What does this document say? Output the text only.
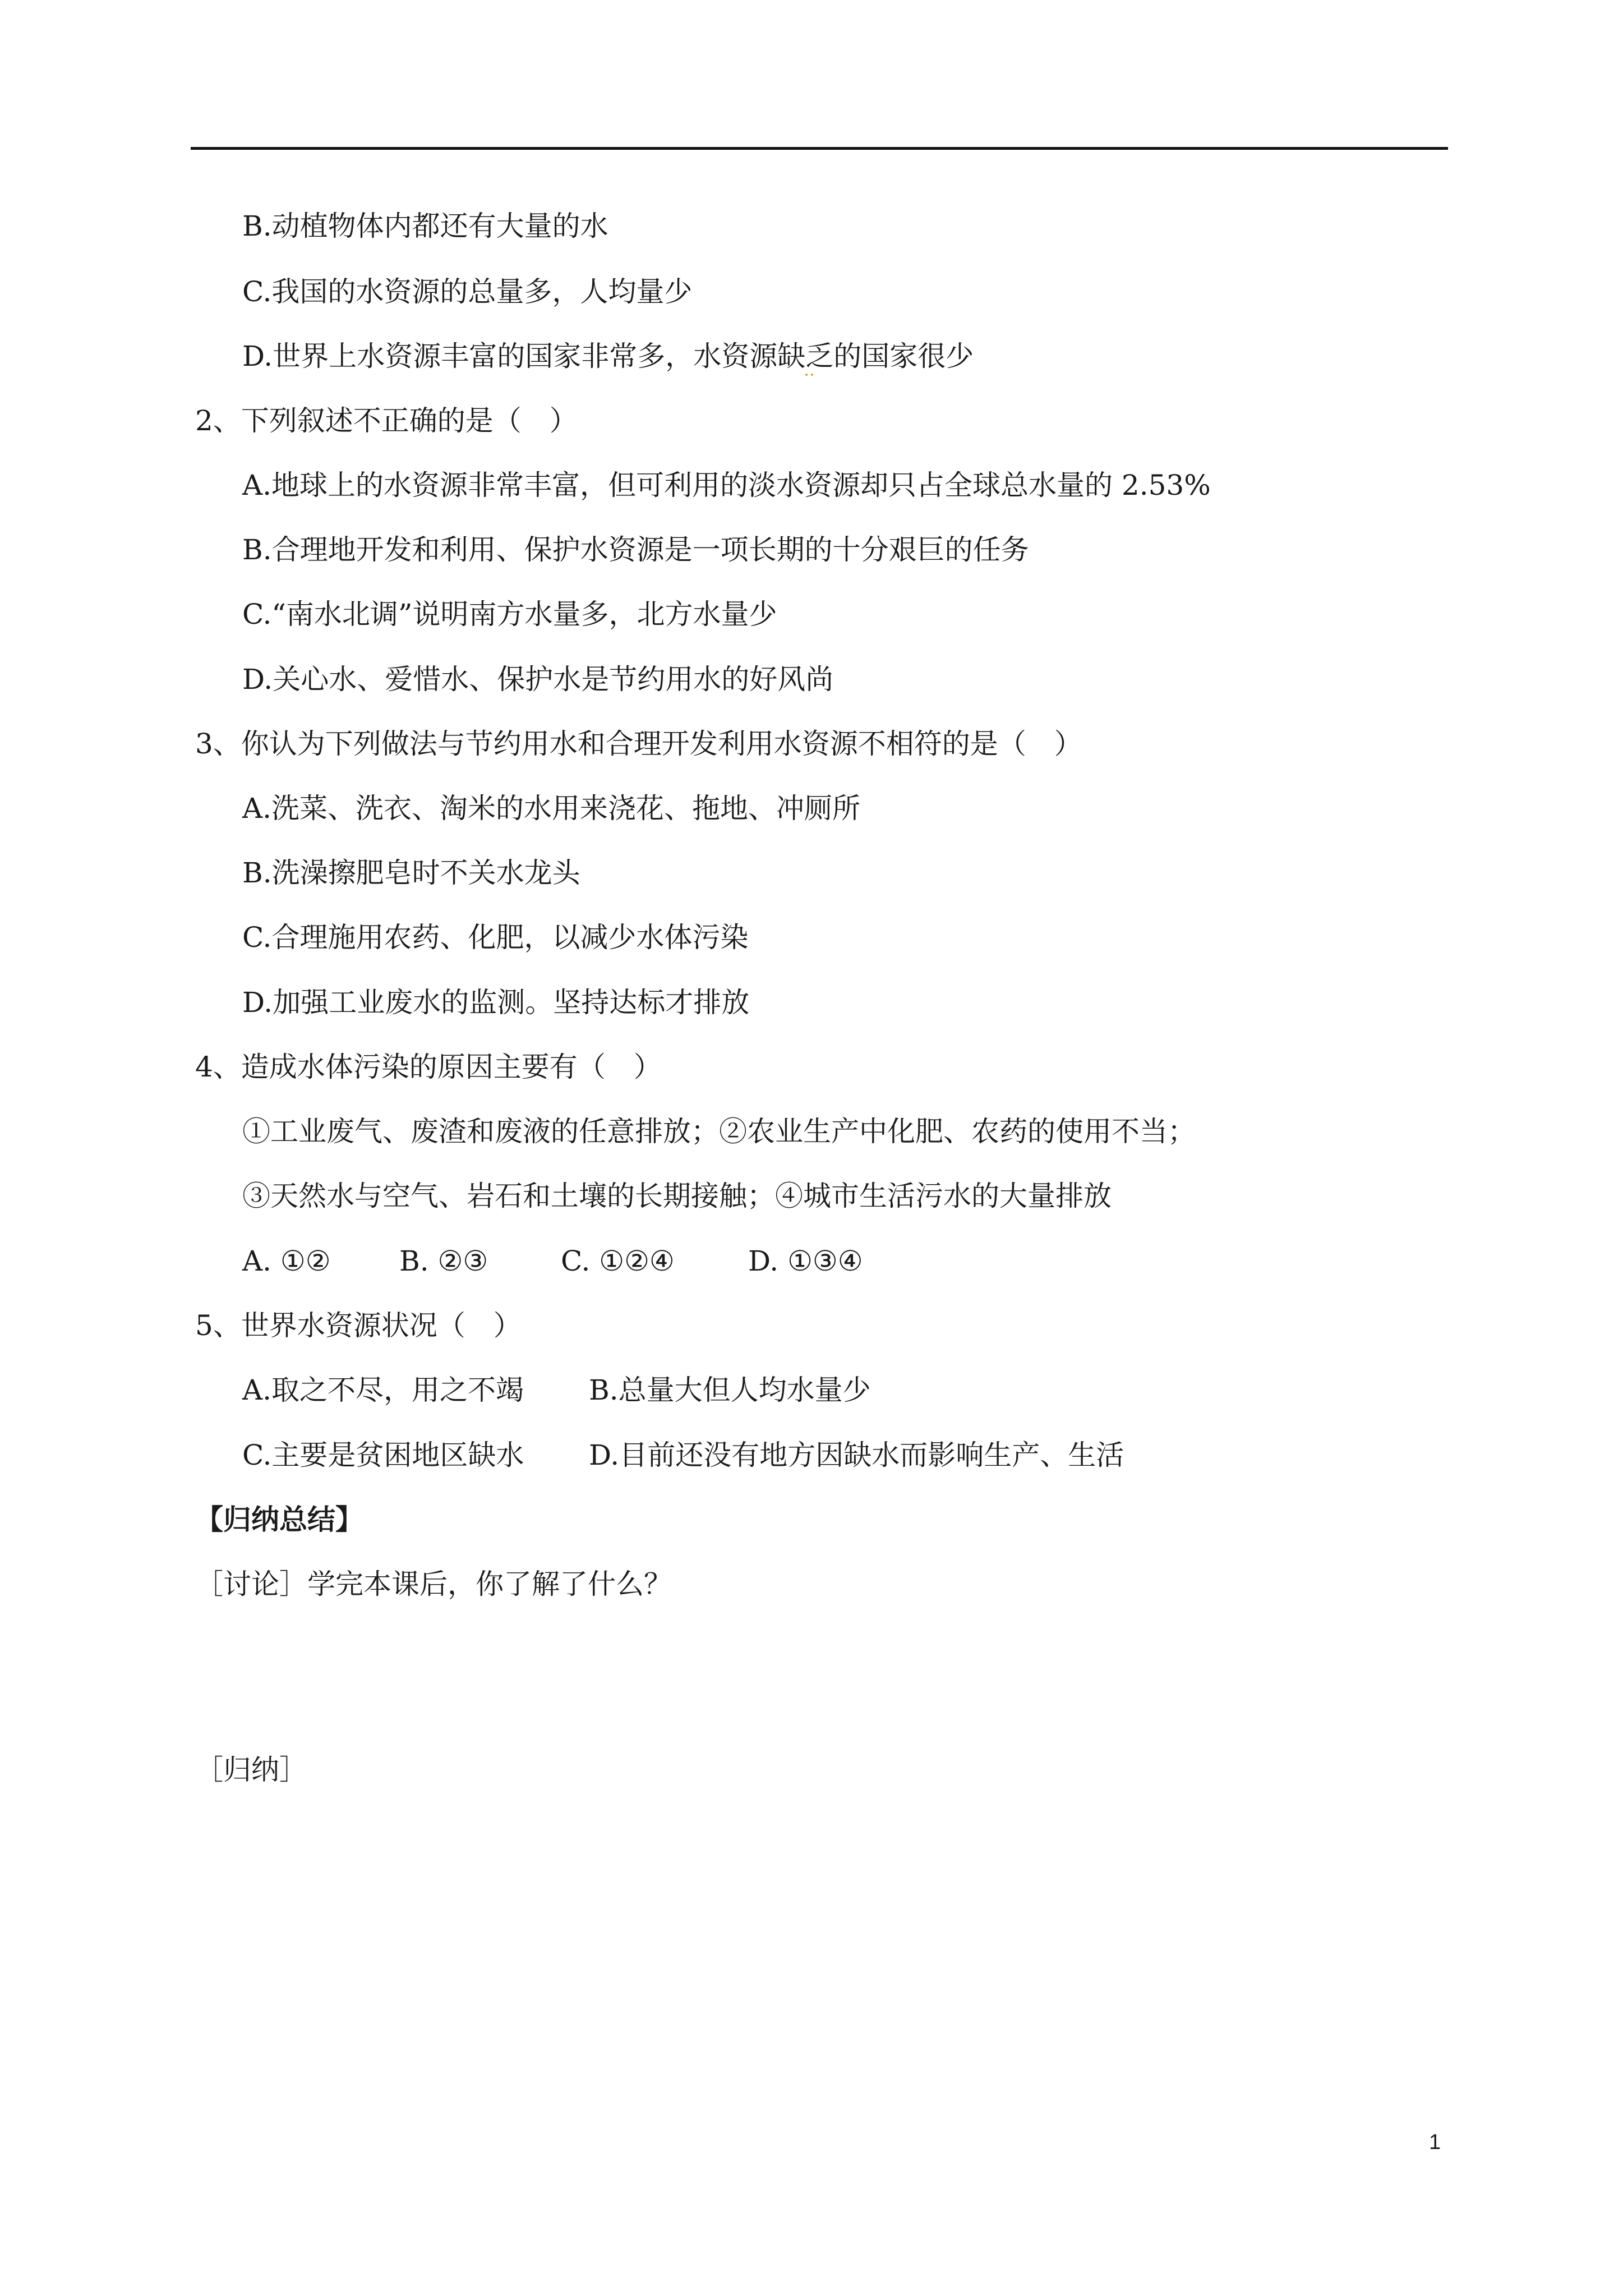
B.动植物体内都还有大量的水
C.我国的水资源的总量多，人均量少
D.世界上水资源丰富的国家非常多，水资源缺乏的国家很少
2、下列叙述不正确的是（　）
A.地球上的水资源非常丰富，但可利用的淡水资源却只占全球总水量的 2.53%
B.合理地开发和利用、保护水资源是一项长期的十分艰巨的任务
C.“南水北调”说明南方水量多，北方水量少
D.关心水、爱惜水、保护水是节约用水的好风尚
3、你认为下列做法与节约用水和合理开发利用水资源不相符的是（　）
A.洗菜、洗衣、淘米的水用来浇花、拖地、冲厕所
B.洗澡擦肥皂时不关水龙头
C.合理施用农药、化肥，以减少水体污染
D.加强工业废水的监测。坚持达标才排放
4、造成水体污染的原因主要有（　）
①工业废气、废渣和废液的任意排放；②农业生产中化肥、农药的使用不当；
③天然水与空气、岩石和土壤的长期接触；④城市生活污水的大量排放
A. ①② B. ②③	C. ①②④	D. ①③④
5、世界水资源状况（　）
A.取之不尽，用之不竭 B.总量大但人均水量少
C.主要是贫困地区缺水 D.目前还没有地方因缺水而影响生产、生活
【归纳总结】
［讨论］学完本课后，你了解了什么？
［归纳］
1
